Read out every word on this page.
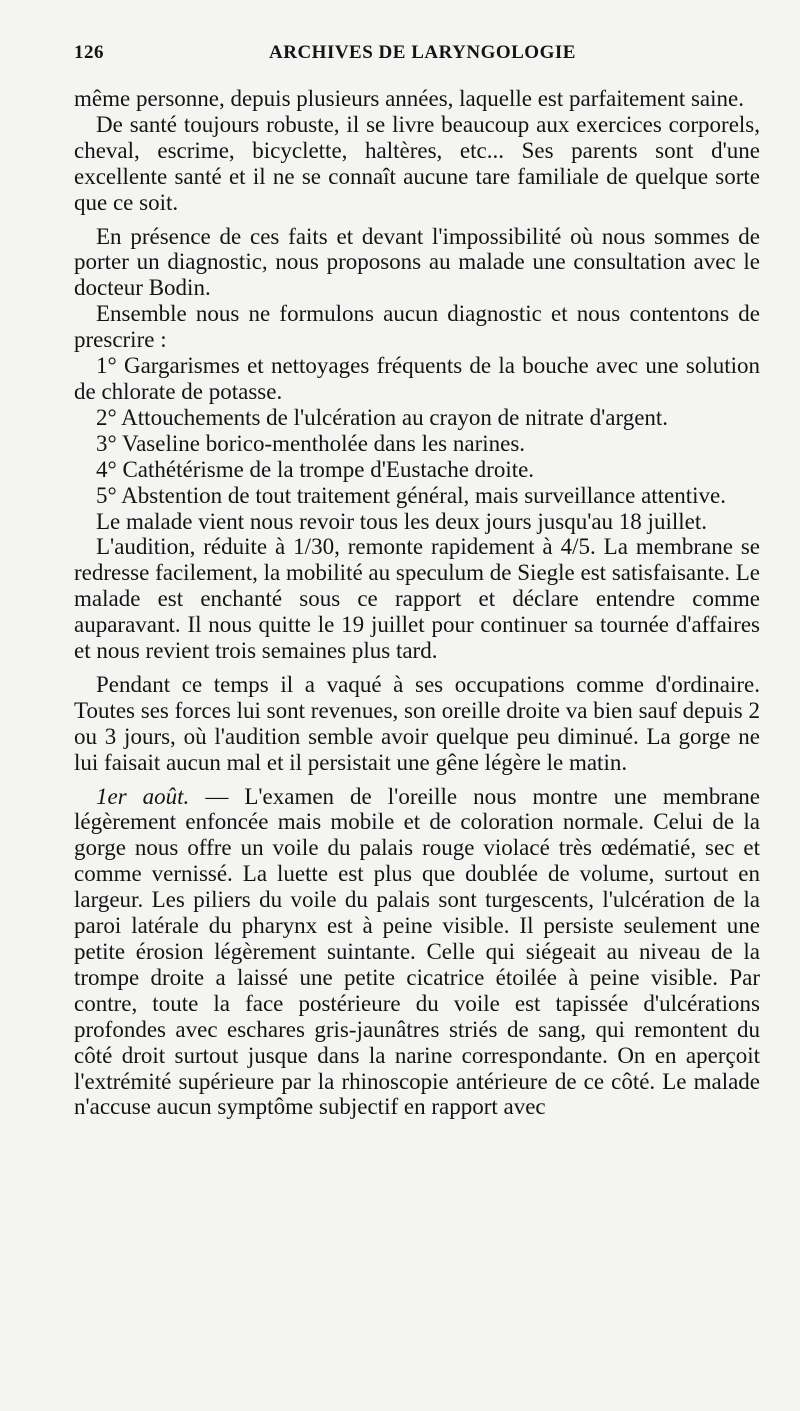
126	ARCHIVES DE LARYNGOLOGIE

même personne, depuis plusieurs années, laquelle est parfaitement saine.

De santé toujours robuste, il se livre beaucoup aux exercices corporels, cheval, escrime, bicyclette, haltères, etc... Ses parents sont d'une excellente santé et il ne se connaît aucune tare familiale de quelque sorte que ce soit.

En présence de ces faits et devant l'impossibilité où nous sommes de porter un diagnostic, nous proposons au malade une consultation avec le docteur Bodin.

Ensemble nous ne formulons aucun diagnostic et nous contentons de prescrire :

1° Gargarismes et nettoyages fréquents de la bouche avec une solution de chlorate de potasse.

2° Attouchements de l'ulcération au crayon de nitrate d'argent.

3° Vaseline borico-mentholée dans les narines.

4° Cathétérisme de la trompe d'Eustache droite.

5° Abstention de tout traitement général, mais surveillance attentive.

Le malade vient nous revoir tous les deux jours jusqu'au 18 juillet.

L'audition, réduite à 1/30, remonte rapidement à 4/5. La membrane se redresse facilement, la mobilité au speculum de Siegle est satisfaisante. Le malade est enchanté sous ce rapport et déclare entendre comme auparavant. Il nous quitte le 19 juillet pour continuer sa tournée d'affaires et nous revient trois semaines plus tard.

Pendant ce temps il a vaqué à ses occupations comme d'ordinaire. Toutes ses forces lui sont revenues, son oreille droite va bien sauf depuis 2 ou 3 jours, où l'audition semble avoir quelque peu diminué. La gorge ne lui faisait aucun mal et il persistait une gêne légère le matin.

1er août. — L'examen de l'oreille nous montre une membrane légèrement enfoncée mais mobile et de coloration normale. Celui de la gorge nous offre un voile du palais rouge violacé très œdématié, sec et comme vernissé. La luette est plus que doublée de volume, surtout en largeur. Les piliers du voile du palais sont turgescents, l'ulcération de la paroi latérale du pharynx est à peine visible. Il persiste seulement une petite érosion légèrement suintante. Celle qui siégeait au niveau de la trompe droite a laissé une petite cicatrice étoilée à peine visible. Par contre, toute la face postérieure du voile est tapissée d'ulcérations profondes avec eschares gris-jaunâtres striés de sang, qui remontent du côté droit surtout jusque dans la narine correspondante. On en aperçoit l'extrémité supérieure par la rhinoscopie antérieure de ce côté. Le malade n'accuse aucun symptôme subjectif en rapport avec
